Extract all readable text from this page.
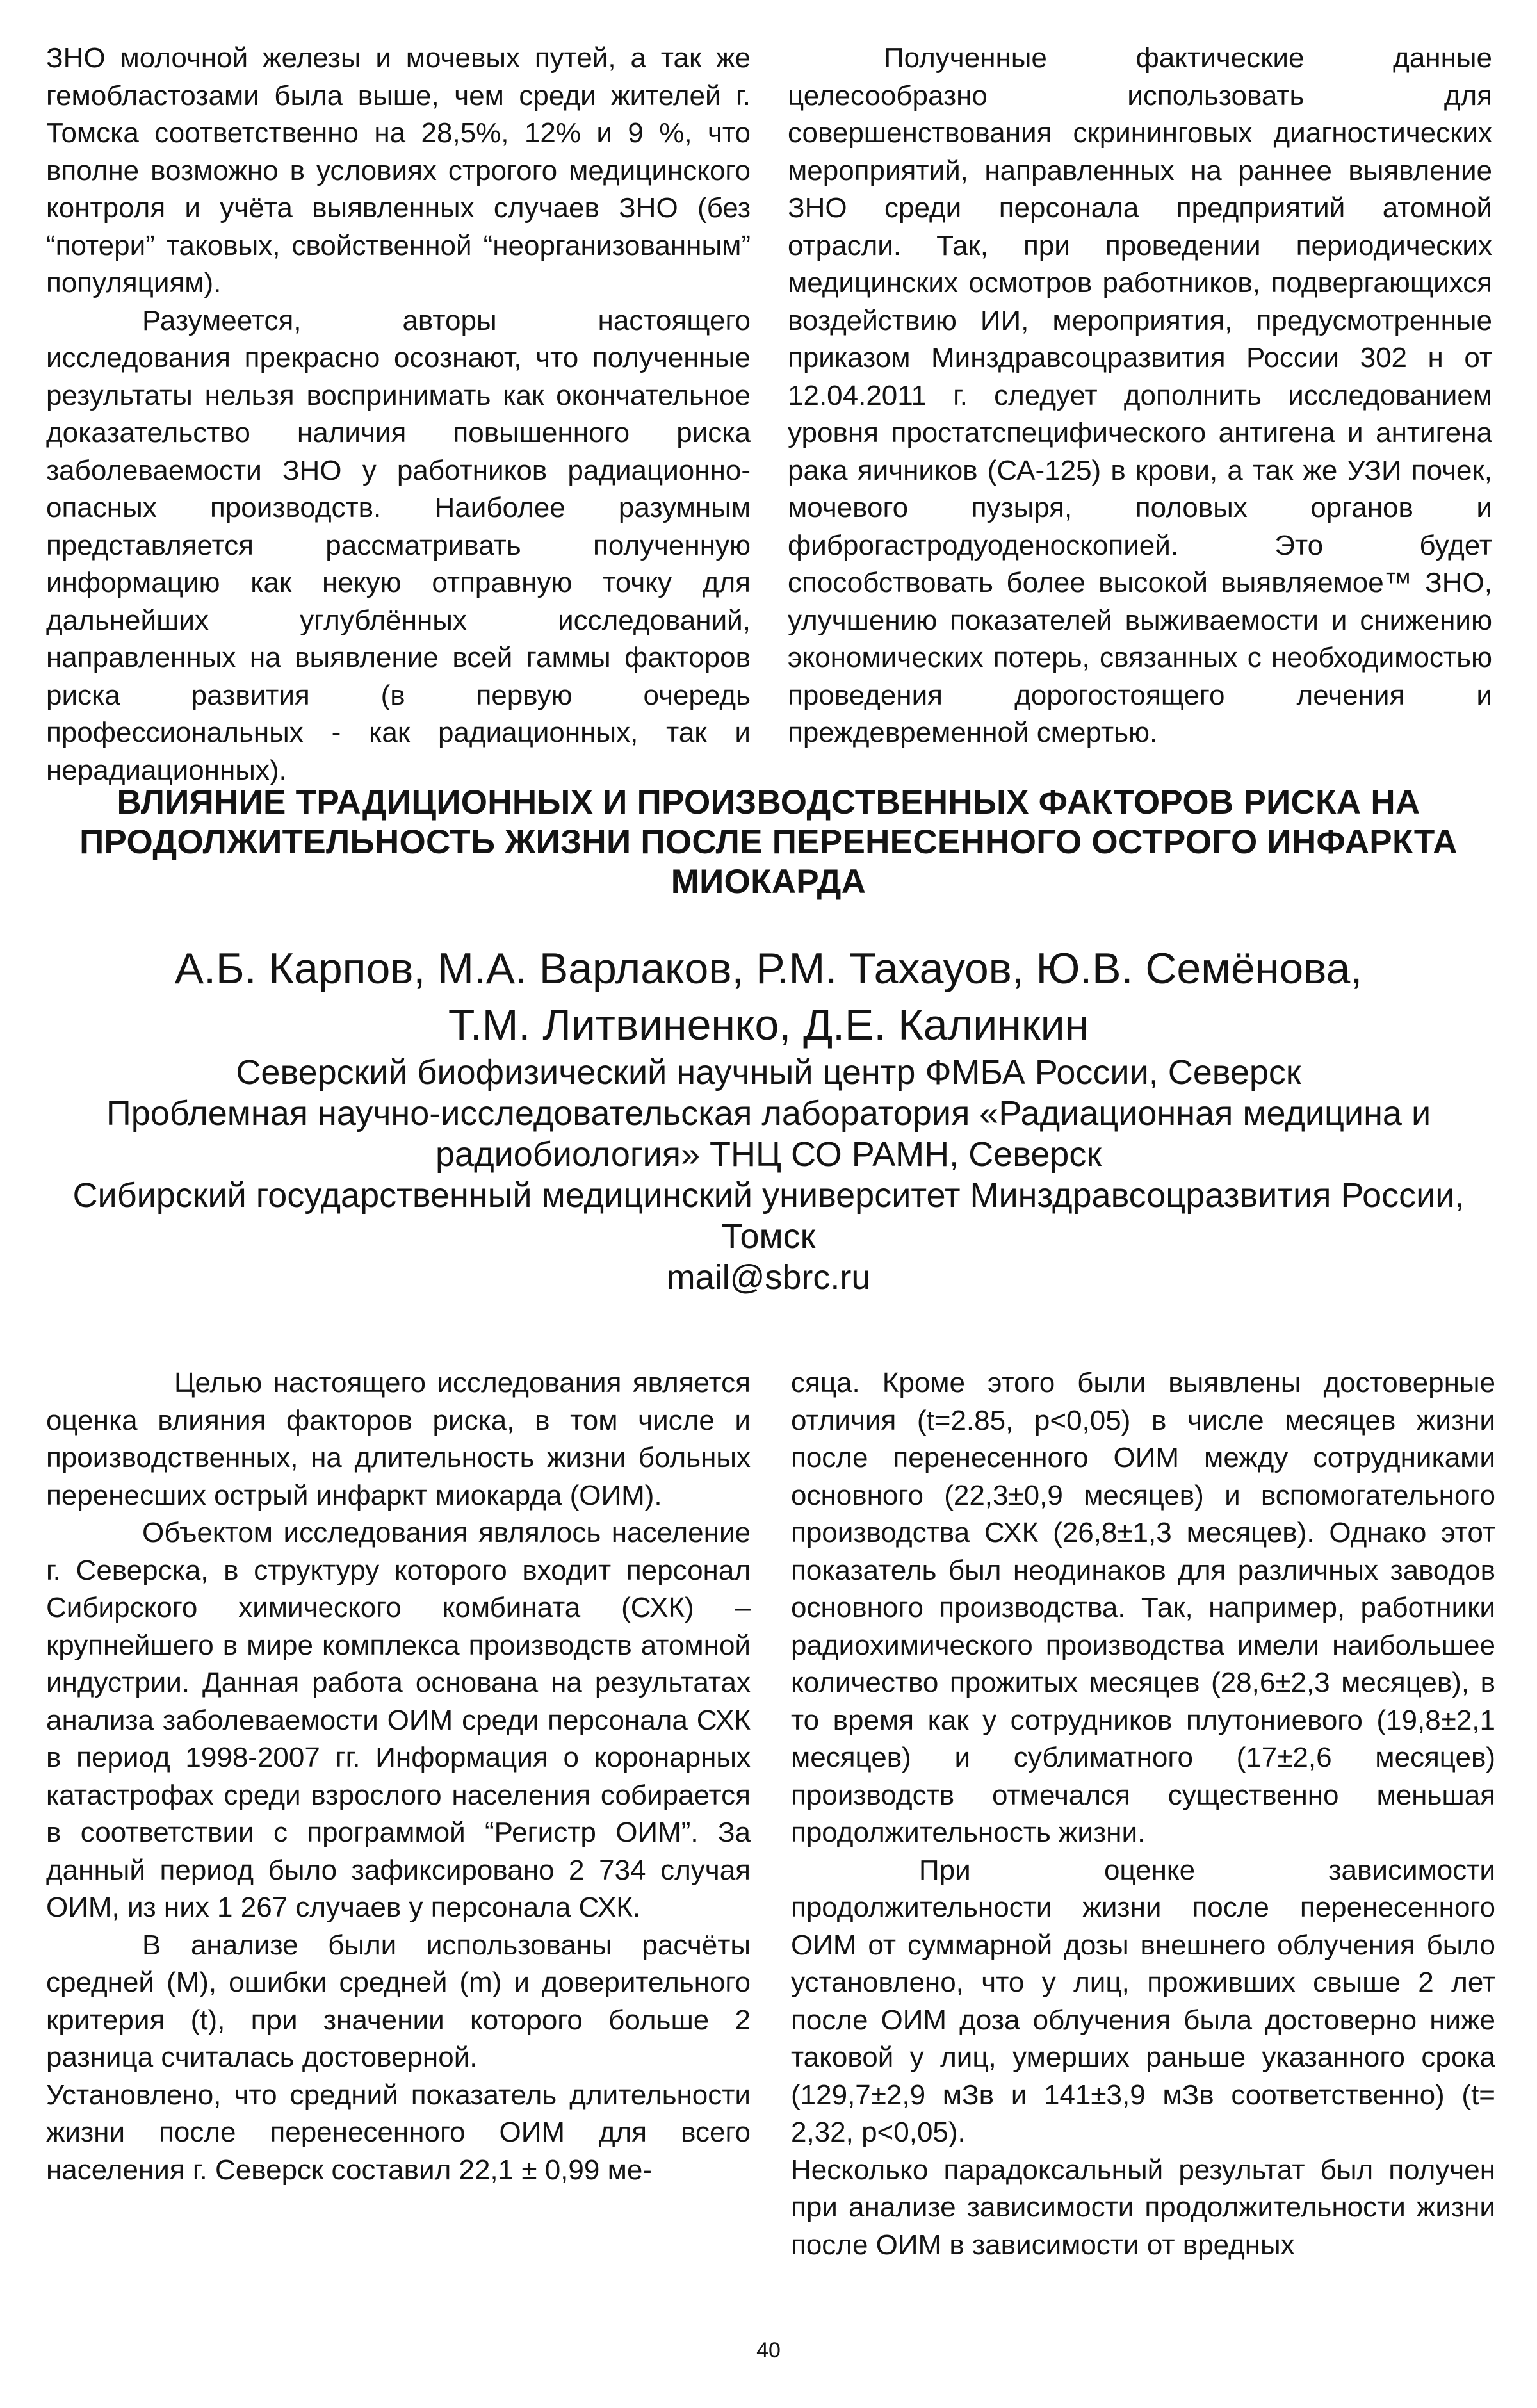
ЗНО молочной железы и мочевых путей, а так же гемобластозами была выше, чем среди жителей г. Томска соответственно на 28,5%, 12% и 9 %, что вполне возможно в условиях строгого медицинского контроля и учёта выявленных случаев ЗНО (без “потери” таковых, свойственной “неорганизованным” популяциям).

Разумеется, авторы настоящего исследования прекрасно осознают, что полученные результаты нельзя воспринимать как окончательное доказательство наличия повышенного риска заболеваемости ЗНО у работников радиационно-опасных производств. Наиболее разумным представляется рассматривать полученную информацию как некую отправную точку для дальнейших углублённых исследований, направленных на выявление всей гаммы факторов риска развития (в первую очередь профессиональных - как радиационных, так и нерадиационных).

Полученные фактические данные целесообразно использовать для совершенствования скрининговых диагностических мероприятий, направленных на раннее выявление ЗНО среди персонала предприятий атомной отрасли. Так, при проведении периодических медицинских осмотров работников, подвергающихся воздействию ИИ, мероприятия, предусмотренные приказом Минздравсоцразвития России 302 н от 12.04.2011 г. следует дополнить исследованием уровня простатспецифического антигена и антигена рака яичников (СА-125) в крови, а так же УЗИ почек, мочевого пузыря, половых органов и фиброгастродуоденоскопией. Это будет способствовать более высокой выявляемое™ ЗНО, улучшению показателей выживаемости и снижению экономических потерь, связанных с необходимостью проведения дорогостоящего лечения и преждевременной смертью.

ВЛИЯНИЕ ТРАДИЦИОННЫХ И ПРОИЗВОДСТВЕННЫХ ФАКТОРОВ РИСКА НА ПРОДОЛЖИТЕЛЬНОСТЬ ЖИЗНИ ПОСЛЕ ПЕРЕНЕСЕННОГО ОСТРОГО ИНФАРКТА МИОКАРДА
А.Б. Карпов, М.А. Варлаков, Р.М. Тахауов, Ю.В. Семёнова,
Т.М. Литвиненко, Д.Е. Калинкин
Северский биофизический научный центр ФМБА России, Северск
Проблемная научно-исследовательская лаборатория «Радиационная медицина и радиобиология» ТНЦ СО РАМН, Северск
Сибирский государственный медицинский университет Минздравсоцразвития России, Томск
mail@sbrc.ru

Целью настоящего исследования является оценка влияния факторов риска, в том числе и производственных, на длительность жизни больных перенесших острый инфаркт миокарда (ОИМ).

Объектом исследования являлось население г. Северска, в структуру которого входит персонал Сибирского химического комбината (СХК) – крупнейшего в мире комплекса производств атомной индустрии. Данная работа основана на результатах анализа заболеваемости ОИМ среди персонала СХК в период 1998-2007 гг. Информация о коронарных катастрофах среди взрослого населения собирается в соответствии с программой “Регистр ОИМ”. За данный период было зафиксировано 2 734 случая ОИМ, из них 1 267 случаев у персонала СХК.

В анализе были использованы расчёты средней (М), ошибки средней (m) и доверительного критерия (t), при значении которого больше 2 разница считалась достоверной.

Установлено, что средний показатель длительности жизни после перенесенного ОИМ для всего населения г. Северск составил 22,1 ± 0,99 ме-

сяца. Кроме этого были выявлены достоверные отличия (t=2.85, р<0,05) в числе месяцев жизни после перенесенного ОИМ между сотрудниками основного (22,3±0,9 месяцев) и вспомогательного производства СХК (26,8±1,3 месяцев). Однако этот показатель был неодинаков для различных заводов основного производства. Так, например, работники радиохимического производства имели наибольшее количество прожитых месяцев (28,6±2,3 месяцев), в то время как у сотрудников плутониевого (19,8±2,1 месяцев) и сублиматного (17±2,6 месяцев) производств отмечался существенно меньшая продолжительность жизни.

При оценке зависимости продолжительности жизни после перенесенного ОИМ от суммарной дозы внешнего облучения было установлено, что у лиц, проживших свыше 2 лет после ОИМ доза облучения была достоверно ниже таковой у лиц, умерших раньше указанного срока (129,7±2,9 мЗв и 141±3,9 мЗв соответственно) (t= 2,32, р<0,05).

Несколько парадоксальный результат был получен при анализе зависимости продолжительности жизни после ОИМ в зависимости от вредных

40
